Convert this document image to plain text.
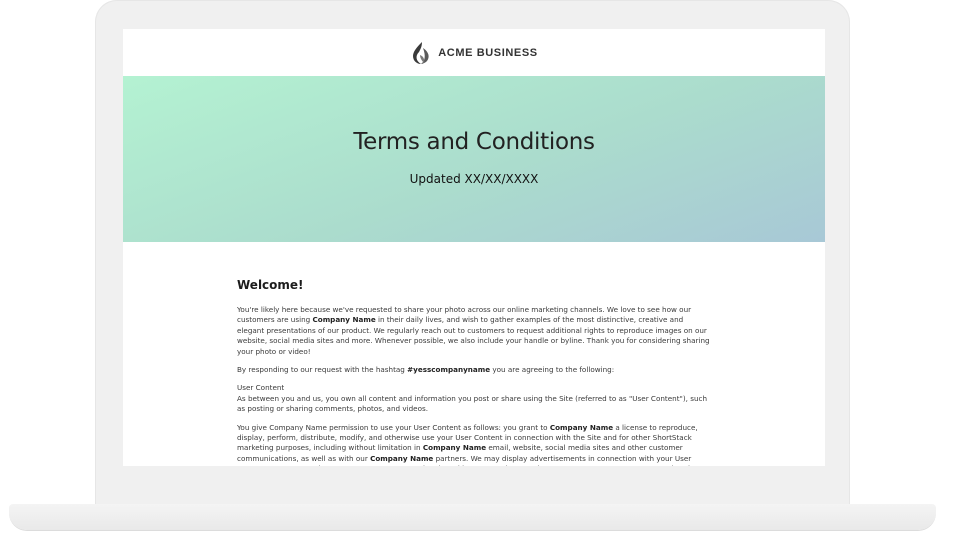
ACME BUSINESS
Terms and Conditions
Updated XX/XX/XXXX
Welcome!

You're likely here because we've requested to share your photo across our online marketing channels. We love to see how our customers are using Company Name in their daily lives, and wish to gather examples of the most distinctive, creative and elegant presentations of our product. We regularly reach out to customers to request additional rights to reproduce images on our website, social media sites and more. Whenever possible, we also include your handle or byline. Thank you for considering sharing your photo or video!

By responding to our request with the hashtag #yesscompanyname you are agreeing to the following:

User Content
As between you and us, you own all content and information you post or share using the Site (referred to as "User Content"), such as posting or sharing comments, photos, and videos.

You give Company Name permission to use your User Content as follows: you grant to Company Name a license to reproduce, display, perform, distribute, modify, and otherwise use your User Content in connection with the Site and for other ShortStack marketing purposes, including without limitation in Company Name email, website, social media sites and other customer communications, as well as with our Company Name partners. We may display advertisements in connection with your User
